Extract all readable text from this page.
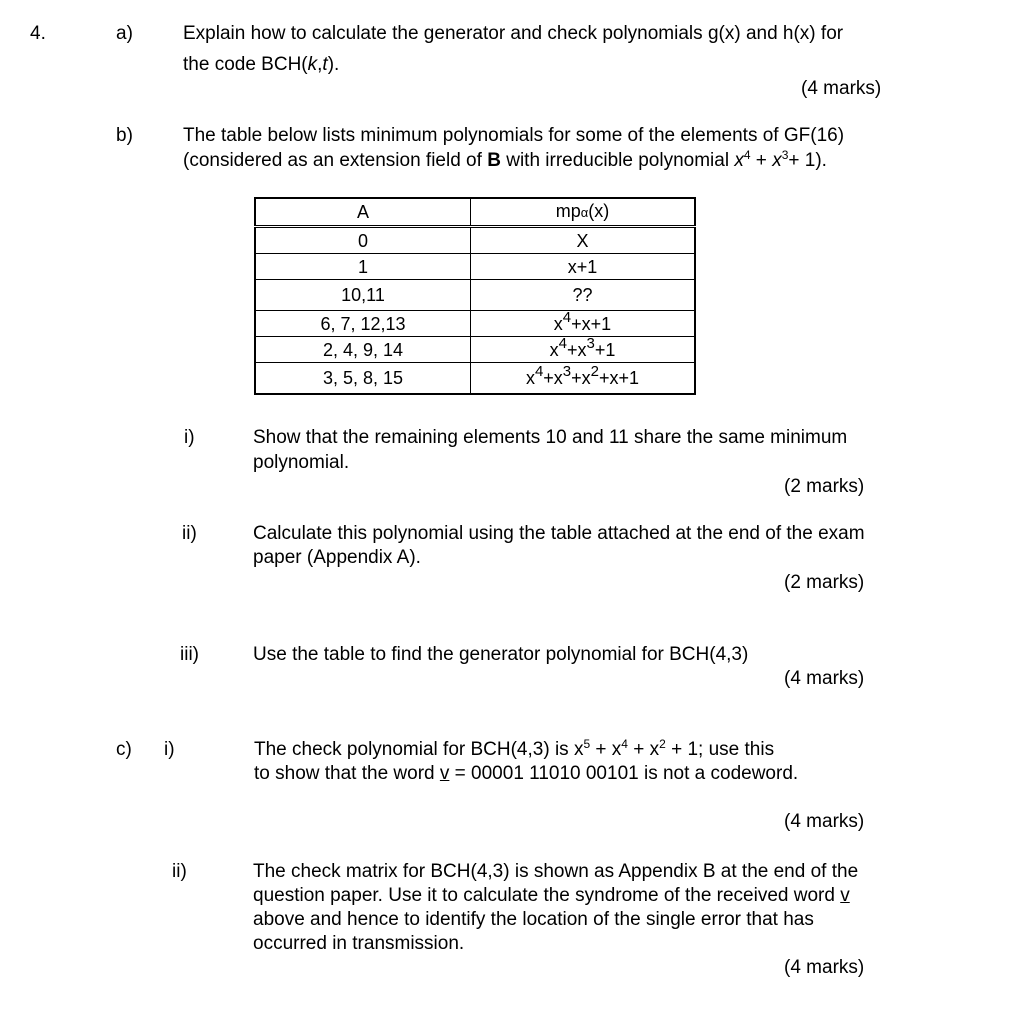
4.	a)	Explain how to calculate the generator and check polynomials g(x) and h(x) for
the code BCH(k,t).
(4 marks)
b)	The table below lists minimum polynomials for some of the elements of GF(16)
(considered as an extension field of B with irreducible polynomial $x^4 + x^3+ 1$).
A	mpα(x)
0	X
1	x+1
10,11	??
6, 7, 12,13	$x^4+x+1$
2, 4, 9, 14	$x^4+x^3+1$
3, 5, 8, 15	$x^4+x^3+x^2+x+1$
i)	Show that the remaining elements 10 and 11 share the same minimum
polynomial.
(2 marks)
ii)	Calculate this polynomial using the table attached at the end of the exam
paper (Appendix A).
(2 marks)
iii)	Use the table to find the generator polynomial for BCH(4,3)
(4 marks)
c) i)	The check polynomial for BCH(4,3) is $x^5 + x^4 + x^2 + 1$; use this
to show that the word v = 00001 11010 00101 is not a codeword.
(4 marks)
ii)	The check matrix for BCH(4,3) is shown as Appendix B at the end of the
question paper. Use it to calculate the syndrome of the received word v
above and hence to identify the location of the single error that has
occurred in transmission.
(4 marks)
